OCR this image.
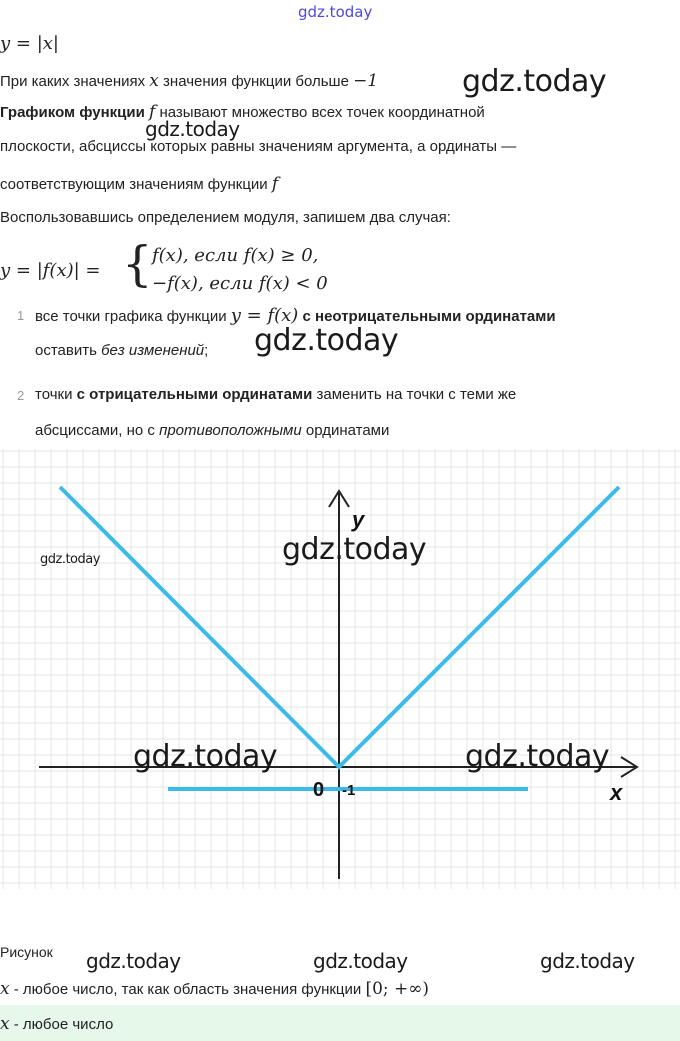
gdz.today
y = |x|
При каких значениях x значения функции больше −1
Графиком функции f называют множество всех точек координатной
плоскости, абсциссы которых равны значениям аргумента, а ординаты —
соответствующим значениям функции f
Воспользовавшись определением модуля, запишем два случая:
y = |f(x)| = { f(x), если f(x) ≥ 0,
−f(x), если f(x) < 0
1 все точки графика функции y = f(x) с неотрицательными ординатами
оставить без изменений;
2 точки с отрицательными ординатами заменить на точки с теми же
абсциссами, но с противоположными ординатами
y
x
0 -1
Рисунок
x - любое число, так как область значения функции [0; +∞)
x - любое число
gdz.today
gdz.today
gdz.today
gdz.today
gdz.today
gdz.today	gdz.today
gdz.today	gdz.today	gdz.today
